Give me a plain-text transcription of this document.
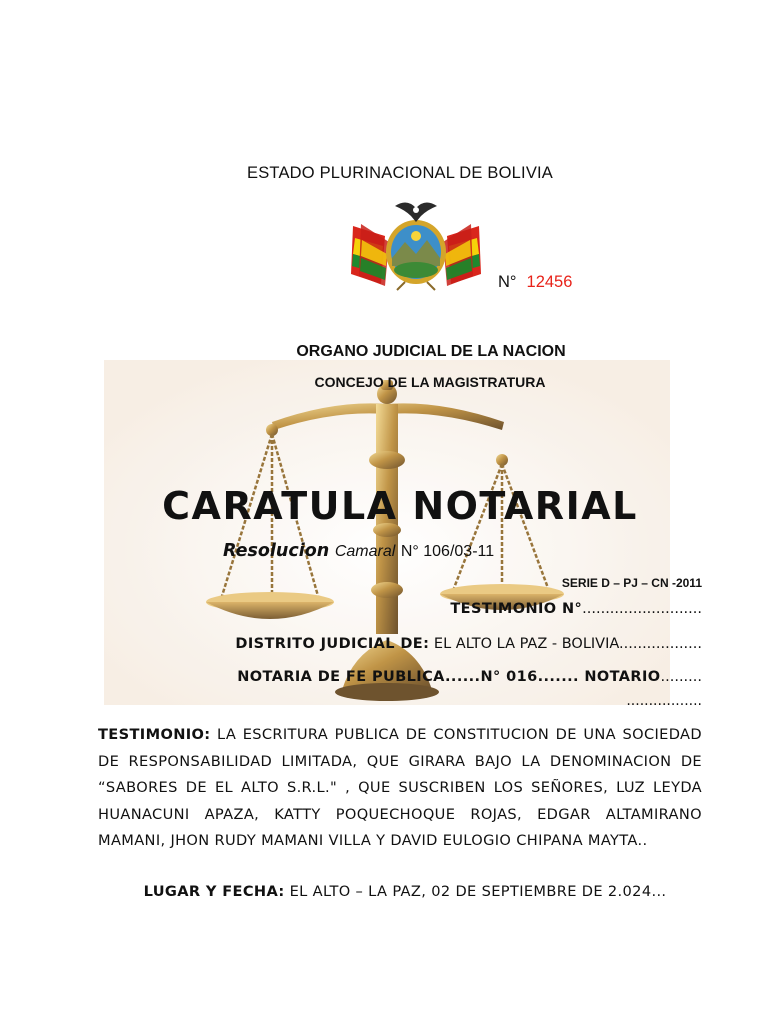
ESTADO PLURINACIONAL DE BOLIVIA
N° 12456
ORGANO JUDICIAL DE LA NACION
CONCEJO DE LA MAGISTRATURA
CARATULA NOTARIAL
Resolucion Camaral N° 106/03-11
SERIE D – PJ – CN -2011
TESTIMONIO N°..........................
DISTRITO JUDICIAL DE: EL ALTO LA PAZ - BOLIVIA..................
NOTARIA DE FE PUBLICA......N° 016....... NOTARIO.........
.................
TESTIMONIO: LA ESCRITURA PUBLICA DE CONSTITUCION DE UNA SOCIEDAD DE RESPONSABILIDAD LIMITADA, QUE GIRARA BAJO LA DENOMINACION DE “SABORES DE EL ALTO S.R.L." , QUE SUSCRIBEN LOS SEÑORES, LUZ LEYDA HUANACUNI APAZA, KATTY POQUECHOQUE ROJAS, EDGAR ALTAMIRANO MAMANI, JHON RUDY MAMANI VILLA Y DAVID EULOGIO CHIPANA MAYTA..
LUGAR Y FECHA: EL ALTO – LA PAZ, 02 DE SEPTIEMBRE DE 2.024...
